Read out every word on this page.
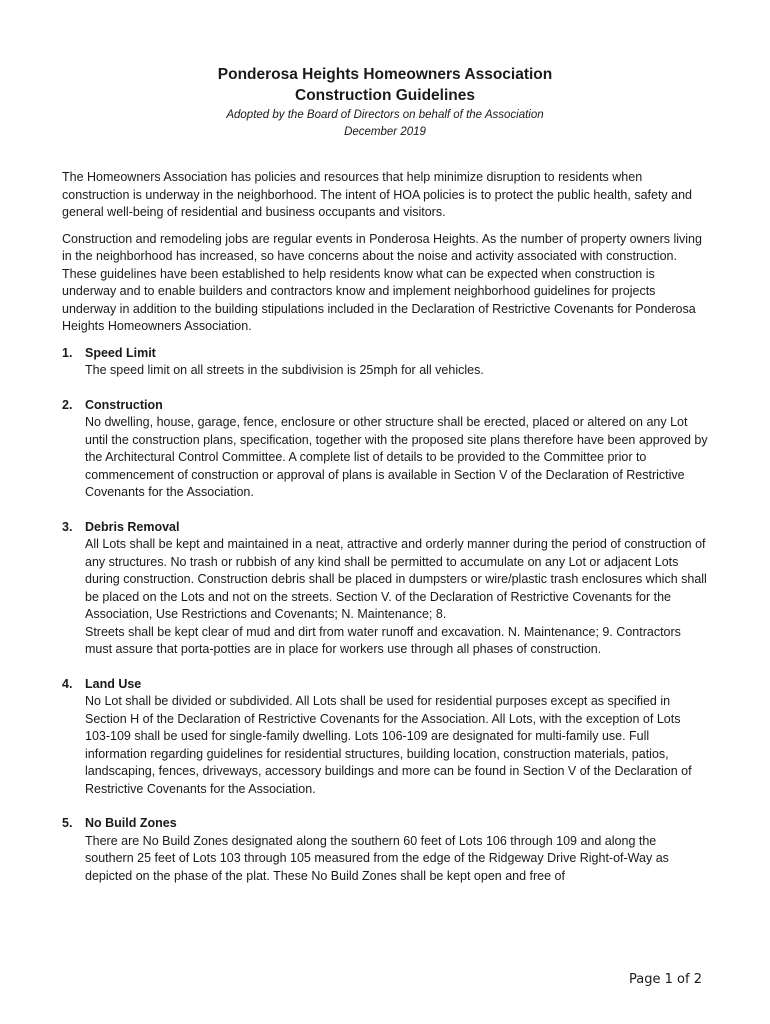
Ponderosa Heights Homeowners Association

Construction Guidelines

Adopted by the Board of Directors on behalf of the Association

December 2019

The Homeowners Association has policies and resources that help minimize disruption to residents when construction is underway in the neighborhood. The intent of HOA policies is to protect the public health, safety and general well-being of residential and business occupants and visitors.

Construction and remodeling jobs are regular events in Ponderosa Heights. As the number of property owners living in the neighborhood has increased, so have concerns about the noise and activity associated with construction. These guidelines have been established to help residents know what can be expected when construction is underway and to enable builders and contractors know and implement neighborhood guidelines for projects underway in addition to the building stipulations included in the Declaration of Restrictive Covenants for Ponderosa Heights Homeowners Association.

1. Speed Limit

The speed limit on all streets in the subdivision is 25mph for all vehicles.

2. Construction

No dwelling, house, garage, fence, enclosure or other structure shall be erected, placed or altered on any Lot until the construction plans, specification, together with the proposed site plans therefore have been approved by the Architectural Control Committee. A complete list of details to be provided to the Committee prior to commencement of construction or approval of plans is available in Section V of the Declaration of Restrictive Covenants for the Association.

3. Debris Removal

All Lots shall be kept and maintained in a neat, attractive and orderly manner during the period of construction of any structures. No trash or rubbish of any kind shall be permitted to accumulate on any Lot or adjacent Lots during construction. Construction debris shall be placed in dumpsters or wire/plastic trash enclosures which shall be placed on the Lots and not on the streets. Section V. of the Declaration of Restrictive Covenants for the Association, Use Restrictions and Covenants; N. Maintenance; 8.

Streets shall be kept clear of mud and dirt from water runoff and excavation. N. Maintenance; 9. Contractors must assure that porta-potties are in place for workers use through all phases of construction.

4. Land Use

No Lot shall be divided or subdivided. All Lots shall be used for residential purposes except as specified in Section H of the Declaration of Restrictive Covenants for the Association. All Lots, with the exception of Lots 103-109 shall be used for single-family dwelling. Lots 106-109 are designated for multi-family use. Full information regarding guidelines for residential structures, building location, construction materials, patios, landscaping, fences, driveways, accessory buildings and more can be found in Section V of the Declaration of Restrictive Covenants for the Association.

5. No Build Zones

There are No Build Zones designated along the southern 60 feet of Lots 106 through 109 and along the southern 25 feet of Lots 103 through 105 measured from the edge of the Ridgeway Drive Right-of-Way as depicted on the phase of the plat. These No Build Zones shall be kept open and free of

Page 1 of 2
